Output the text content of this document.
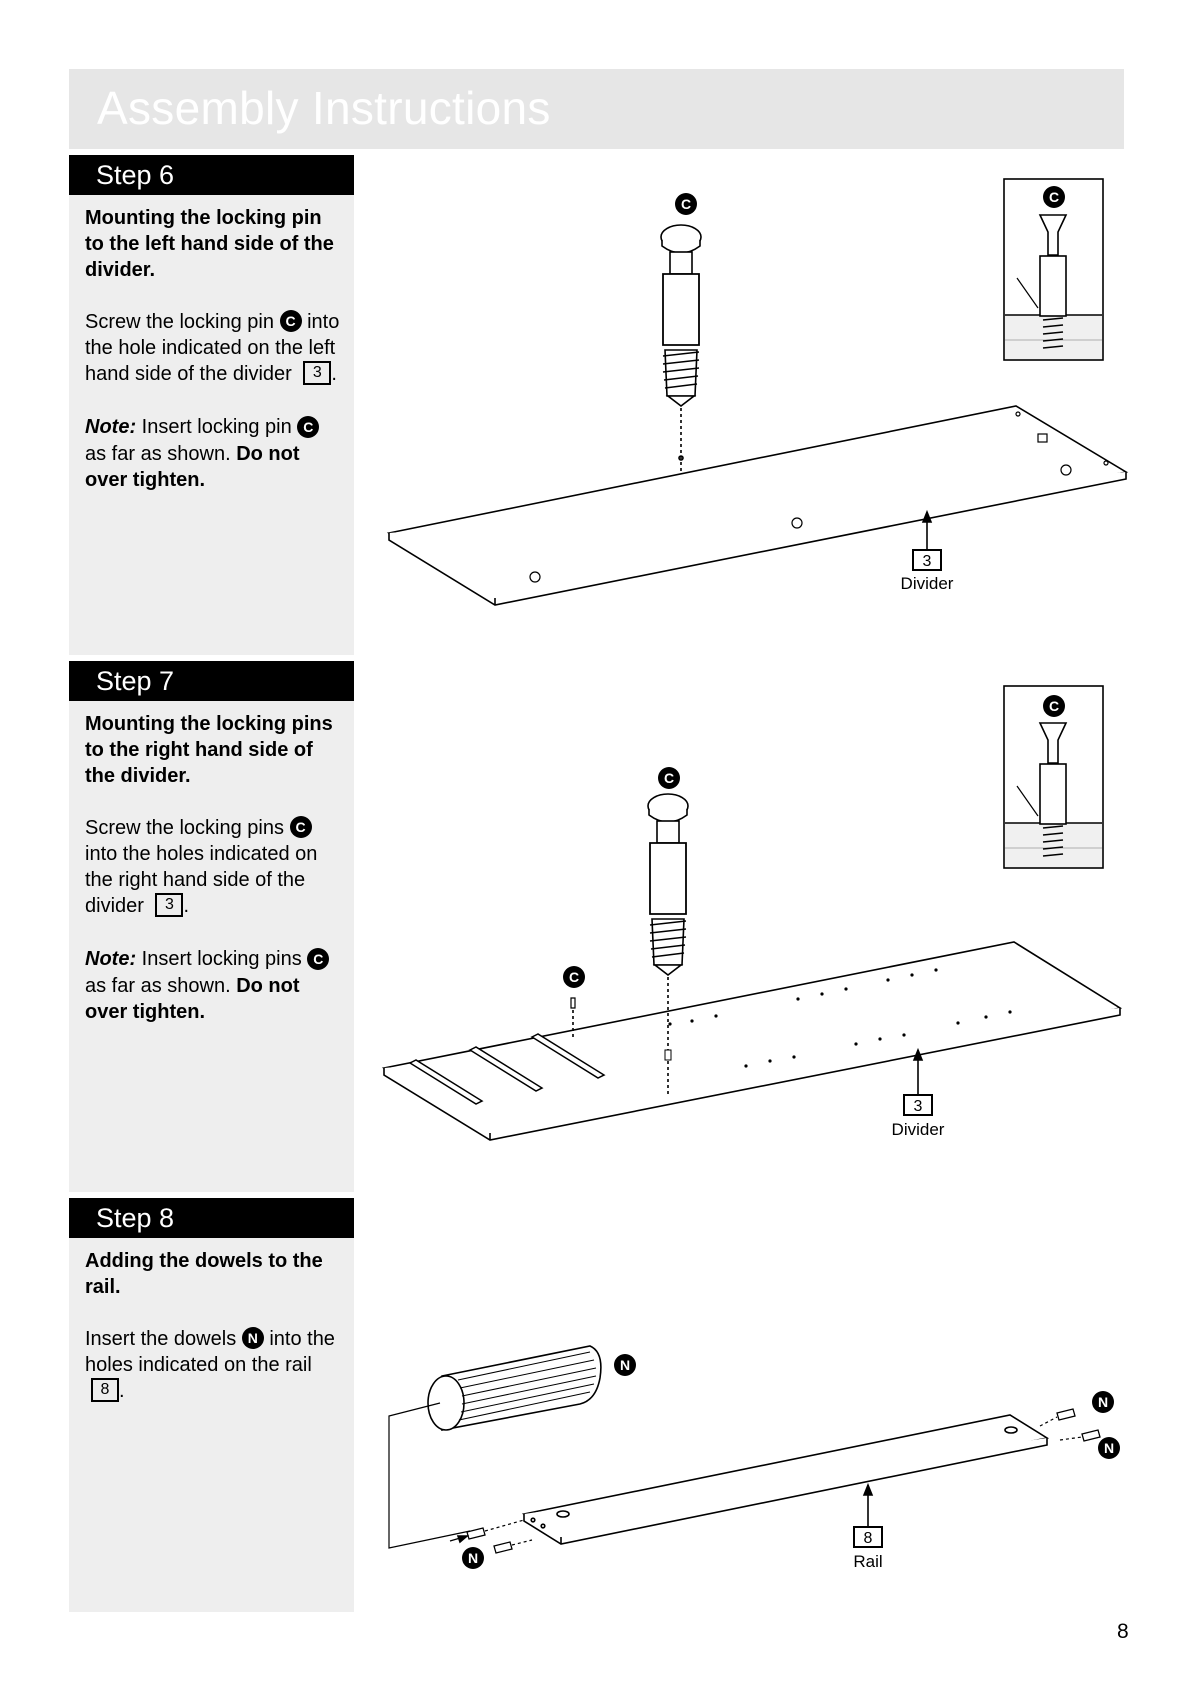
Assembly Instructions
Step 6

Mounting the locking pin to the left hand side of the divider.

Screw the locking pin C into the hole indicated on the left hand side of the divider 3 .

Note: Insert locking pin C as far as shown. Do not over tighten.

Step 7

Mounting the locking pins to the right hand side of the divider.

Screw the locking pins C into the holes indicated on the right hand side of the divider 3 .

Note: Insert locking pins C as far as shown. Do not over tighten.

Step 8

Adding the dowels to the rail.

Insert the dowels N into the holes indicated on the rail 8 .

C	C
3
Divider
C
C
C
3
Divider
N
N
N
N
8
Rail
8
